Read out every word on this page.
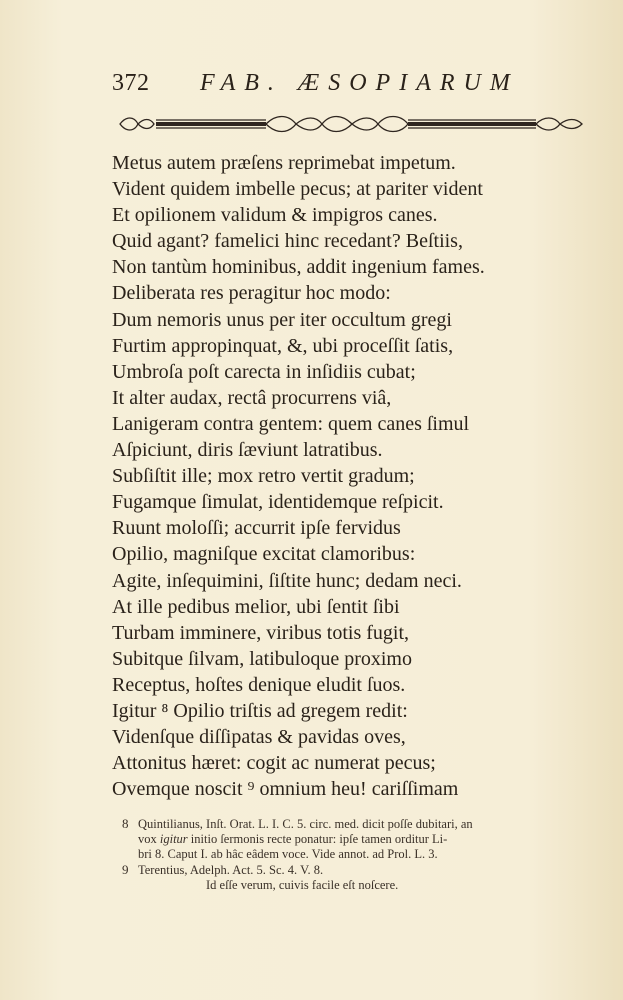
372 FAB. ÆSOPIARUM
Metus autem præſens reprimebat impetum.
Vident quidem imbelle pecus; at pariter vident
Et opilionem validum & impigros canes.
Quid agant? famelici hinc recedant? Beſtiis,
Non tantùm hominibus, addit ingenium fames.
Deliberata res peragitur hoc modo:
Dum nemoris unus per iter occultum gregi
Furtim appropinquat, &, ubi proceſſit ſatis,
Umbroſa poſt carecta in inſidiis cubat;
It alter audax, rectâ procurrens viâ,
Lanigeram contra gentem: quem canes ſimul
Aſpiciunt, diris ſæviunt latratibus.
Subſiſtit ille; mox retro vertit gradum;
Fugamque ſimulat, identidemque reſpicit.
Ruunt moloſſi; accurrit ipſe fervidus
Opilio, magniſque excitat clamoribus:
Agite, inſequimini, ſiſtite hunc; dedam neci.
At ille pedibus melior, ubi ſentit ſibi
Turbam imminere, viribus totis fugit,
Subitque ſilvam, latibuloque proximo
Receptus, hoſtes denique eludit ſuos.
Igitur ⁸ Opilio triſtis ad gregem redit:
Videnſque diſſipatas & pavidas oves,
Attonitus hæret: cogit ac numerat pecus;
Ovemque noscit ⁹ omnium heu! cariſſimam
8 Quintilianus, Inſt. Orat. L. I. C. 5. circ. med. dicit poſſe dubitari, an
vox igitur initio ſermonis recte ponatur: ipſe tamen orditur Li-
bri 8. Caput I. ab hâc eâdem voce. Vide annot. ad Prol. L. 3.
9 Terentius, Adelph. Act. 5. Sc. 4. V. 8.
Id eſſe verum, cuivis facile eſt noſcere.
